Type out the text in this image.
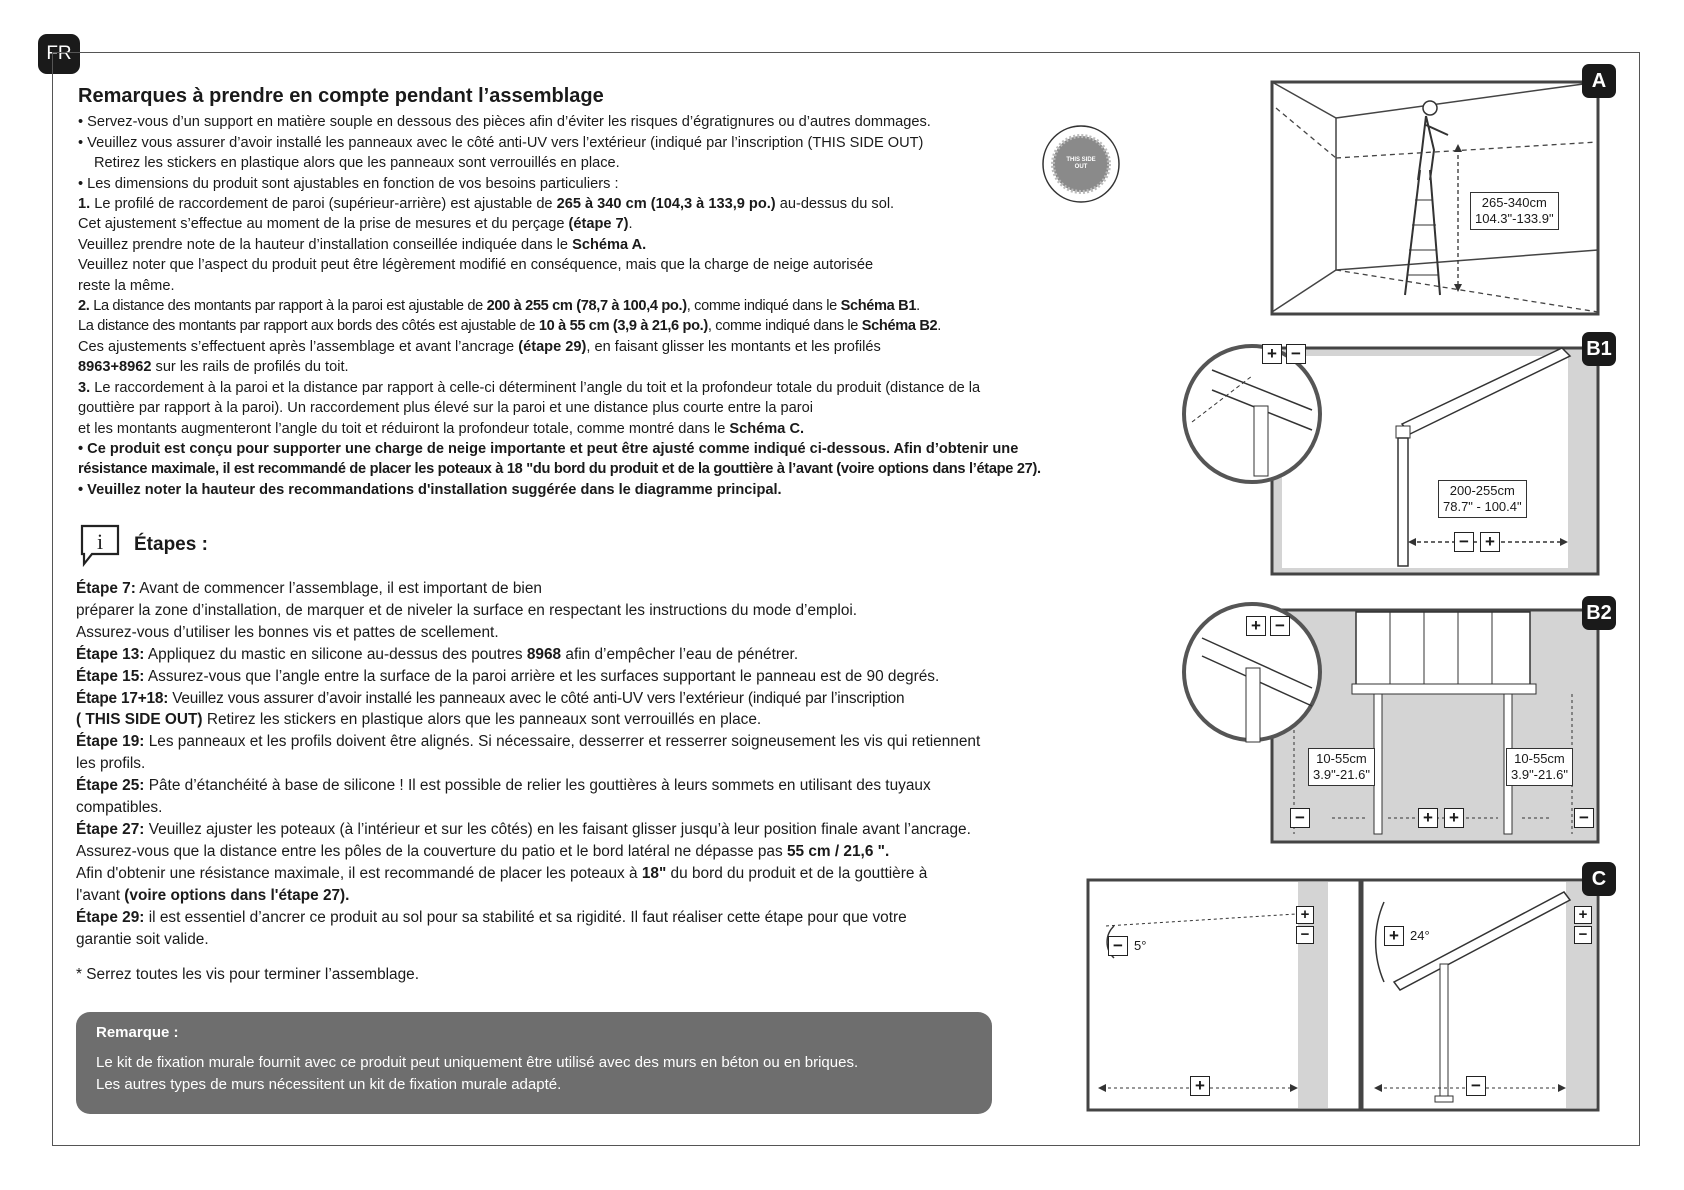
FR
Remarques à prendre en compte pendant l’assemblage

• Servez-vous d’un support en matière souple en dessous des pièces afin d’éviter les risques d’égratignures ou d’autres dommages.

• Veuillez vous assurer d’avoir installé les panneaux avec le côté anti-UV vers l’extérieur (indiqué par l’inscription (THIS SIDE OUT)

Retirez les stickers en plastique alors que les panneaux sont verrouillés en place.

• Les dimensions du produit sont ajustables en fonction de vos besoins particuliers :

1. Le profilé de raccordement de paroi (supérieur-arrière) est ajustable de 265 à 340 cm (104,3 à 133,9 po.) au-dessus du sol.

Cet ajustement s’effectue au moment de la prise de mesures et du perçage (étape 7).

Veuillez prendre note de la hauteur d’installation conseillée indiquée dans le Schéma A.

Veuillez noter que l’aspect du produit peut être légèrement modifié en conséquence, mais que la charge de neige autorisée

reste la même.

2. La distance des montants par rapport à la paroi est ajustable de 200 à 255 cm (78,7 à 100,4 po.), comme indiqué dans le Schéma B1.

La distance des montants par rapport aux bords des côtés est ajustable de 10 à 55 cm (3,9 à 21,6 po.), comme indiqué dans le Schéma B2.

Ces ajustements s’effectuent après l’assemblage et avant l’ancrage (étape 29), en faisant glisser les montants et les profilés

8963+8962 sur les rails de profilés du toit.

3. Le raccordement à la paroi et la distance par rapport à celle-ci déterminent l’angle du toit et la profondeur totale du produit (distance de la

gouttière par rapport à la paroi). Un raccordement plus élevé sur la paroi et une distance plus courte entre la paroi

et les montants augmenteront l’angle du toit et réduiront la profondeur totale, comme montré dans le Schéma C.

• Ce produit est conçu pour supporter une charge de neige importante et peut être ajusté comme indiqué ci-dessous. Afin d’obtenir une

résistance maximale, il est recommandé de placer les poteaux à 18 "du bord du produit et de la gouttière à l’avant (voire options dans l’étape 27).

• Veuillez noter la hauteur des recommandations d'installation suggérée dans le diagramme principal.

THIS SIDE OUT
i Étapes :

Étape 7: Avant de commencer l’assemblage, il est important de bien

préparer la zone d’installation, de marquer et de niveler la surface en respectant les instructions du mode d’emploi.

Assurez-vous d’utiliser les bonnes vis et pattes de scellement.

Étape 13: Appliquez du mastic en silicone au-dessus des poutres 8968 afin d’empêcher l’eau de pénétrer.

Étape 15: Assurez-vous que l’angle entre la surface de la paroi arrière et les surfaces supportant le panneau est de 90 degrés.

Étape 17+18: Veuillez vous assurer d’avoir installé les panneaux avec le côté anti-UV vers l’extérieur (indiqué par l’inscription

( THIS SIDE OUT) Retirez les stickers en plastique alors que les panneaux sont verrouillés en place.

Étape 19: Les panneaux et les profils doivent être alignés. Si nécessaire, desserrer et resserrer soigneusement les vis qui retiennent

les profils.

Étape 25: Pâte d’étanchéité à base de silicone ! Il est possible de relier les gouttières à leurs sommets en utilisant des tuyaux

compatibles.

Étape 27: Veuillez ajuster les poteaux (à l’intérieur et sur les côtés) en les faisant glisser jusqu’à leur position finale avant l’ancrage.

Assurez-vous que la distance entre les pôles de la couverture du patio et le bord latéral ne dépasse pas 55 cm / 21,6 ".

Afin d'obtenir une résistance maximale, il est recommandé de placer les poteaux à 18" du bord du produit et de la gouttière à

l'avant (voire options dans l'étape 27).

Étape 29: il est essentiel d’ancrer ce produit au sol pour sa stabilité et sa rigidité. Il faut réaliser cette étape pour que votre

garantie soit valide.

* Serrez toutes les vis pour terminer l’assemblage.

Remarque :
Le kit de fixation murale fournit avec ce produit peut uniquement être utilisé avec des murs en béton ou en briques.
Les autres types de murs nécessitent un kit de fixation murale adapté.
265-340cm
104.3"-133.9"
A
+ −
200-255cm
78.7" - 100.4"
− +
B1
+ −
10-55cm
3.9"-21.6"
10-55cm
3.9"-21.6"
−	+ +	−
B2
− 5°
+
−
+
+ 24°
+
−
−
C
